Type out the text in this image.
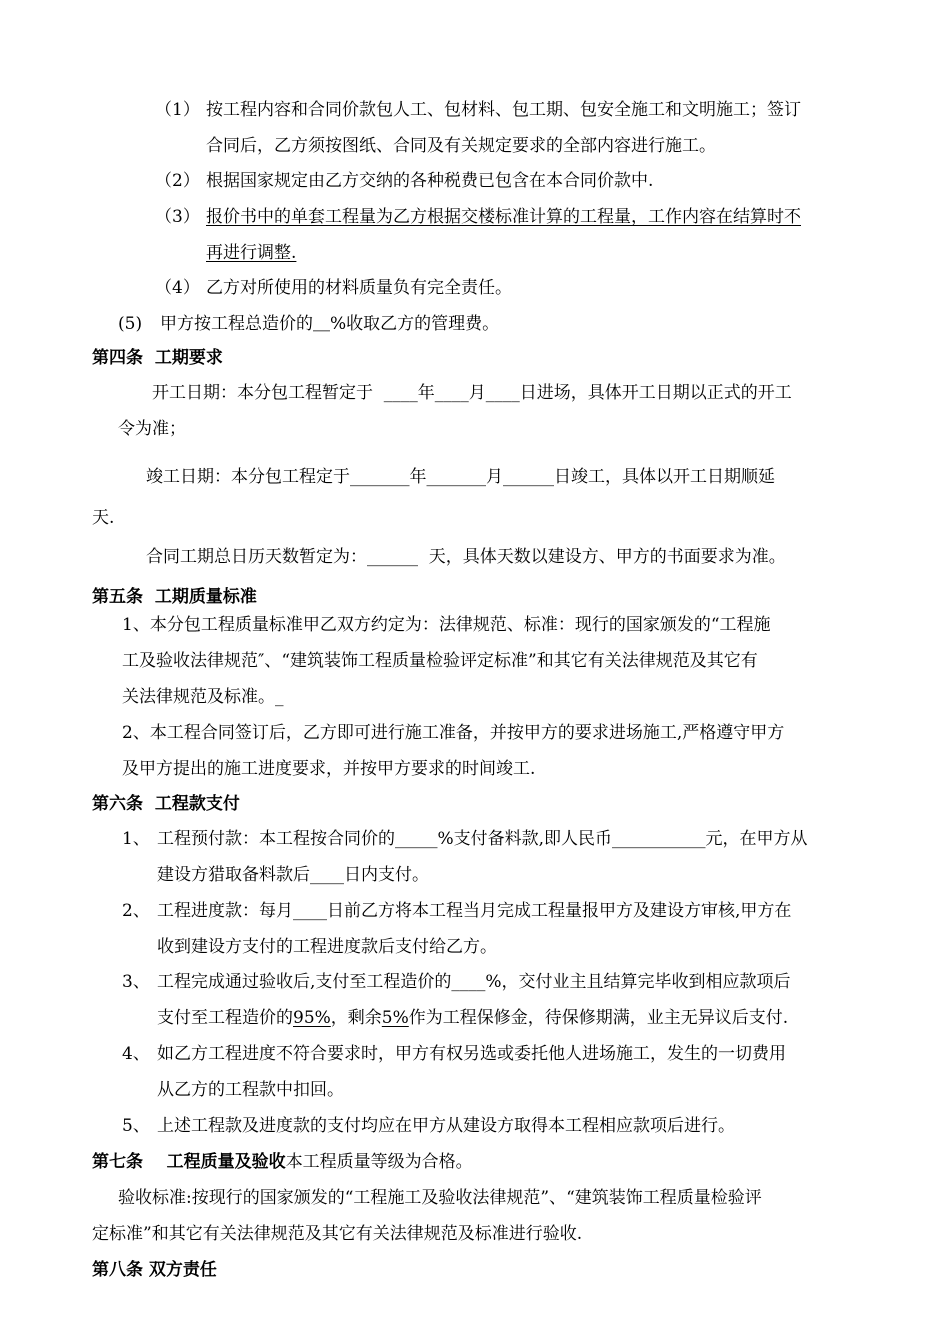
（1） 按工程内容和合同价款包人工、包材料、包工期、包安全施工和文明施工；签订
合同后，乙方须按图纸、合同及有关规定要求的全部内容进行施工。
（2） 根据国家规定由乙方交纳的各种税费已包含在本合同价款中.
（3） 报价书中的单套工程量为乙方根据交楼标准计算的工程量，工作内容在结算时不
再进行调整.
（4） 乙方对所使用的材料质量负有完全责任。
(5) 甲方按工程总造价的＿%收取乙方的管理费。
第四条  工期要求
开工日期：本分包工程暂定于  ____年____月____日进场，具体开工日期以正式的开工
令为准；
竣工日期：本分包工程定于_______年_______月______日竣工，具体以开工日期顺延
天.
合同工期总日历天数暂定为：______  天，具体天数以建设方、甲方的书面要求为准。
第五条  工期质量标准
1、本分包工程质量标准甲乙双方约定为：法律规范、标准：现行的国家颁发的“工程施
工及验收法律规范″、“建筑装饰工程质量检验评定标准”和其它有关法律规范及其它有
关法律规范及标准。_
2、本工程合同签订后，乙方即可进行施工准备，并按甲方的要求进场施工,严格遵守甲方
及甲方提出的施工进度要求，并按甲方要求的时间竣工.
第六条  工程款支付
1、 工程预付款：本工程按合同价的_____%支付备料款,即人民币___________元，在甲方从
建设方猎取备料款后____日内支付。
2、 工程进度款：每月____日前乙方将本工程当月完成工程量报甲方及建设方审核,甲方在
收到建设方支付的工程进度款后支付给乙方。
3、 工程完成通过验收后,支付至工程造价的____%，交付业主且结算完毕收到相应款项后
支付至工程造价的95%，剩余5%作为工程保修金，待保修期满，业主无异议后支付.
4、 如乙方工程进度不符合要求时，甲方有权另选或委托他人进场施工，发生的一切费用
从乙方的工程款中扣回。
5、 上述工程款及进度款的支付均应在甲方从建设方取得本工程相应款项后进行。
第七条    工程质量及验收本工程质量等级为合格。
验收标准:按现行的国家颁发的“工程施工及验收法律规范”、“建筑装饰工程质量检验评
定标准”和其它有关法律规范及其它有关法律规范及标准进行验收.
第八条 双方责任
